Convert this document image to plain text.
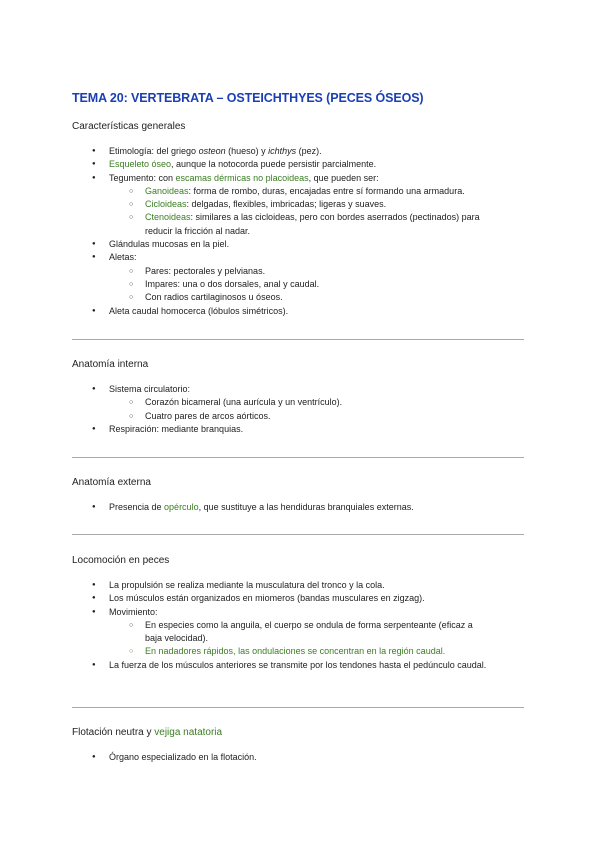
TEMA 20: VERTEBRATA – OSTEICHTHYES (PECES ÓSEOS)
Características generales
● Etimología: del griego osteon (hueso) y ichthys (pez).
● Esqueleto óseo, aunque la notocorda puede persistir parcialmente.
● Tegumento: con escamas dérmicas no placoideas, que pueden ser:
○ Ganoideas: forma de rombo, duras, encajadas entre sí formando una armadura.
○ Cicloideas: delgadas, flexibles, imbricadas; ligeras y suaves.
○ Ctenoideas: similares a las cicloideas, pero con bordes aserrados (pectinados) para reducir la fricción al nadar.
● Glándulas mucosas en la piel.
● Aletas:
○ Pares: pectorales y pelvianas.
○ Impares: una o dos dorsales, anal y caudal.
○ Con radios cartilaginosos u óseos.
● Aleta caudal homocerca (lóbulos simétricos).
Anatomía interna
● Sistema circulatorio:
○ Corazón bicameral (una aurícula y un ventrículo).
○ Cuatro pares de arcos aórticos.
● Respiración: mediante branquias.
Anatomía externa
● Presencia de opérculo, que sustituye a las hendiduras branquiales externas.
Locomoción en peces
● La propulsión se realiza mediante la musculatura del tronco y la cola.
● Los músculos están organizados en miomeros (bandas musculares en zigzag).
● Movimiento:
○ En especies como la anguila, el cuerpo se ondula de forma serpenteante (eficaz a baja velocidad).
○ En nadadores rápidos, las ondulaciones se concentran en la región caudal.
● La fuerza de los músculos anteriores se transmite por los tendones hasta el pedúnculo caudal.
Flotación neutra y vejiga natatoria
● Órgano especializado en la flotación.
